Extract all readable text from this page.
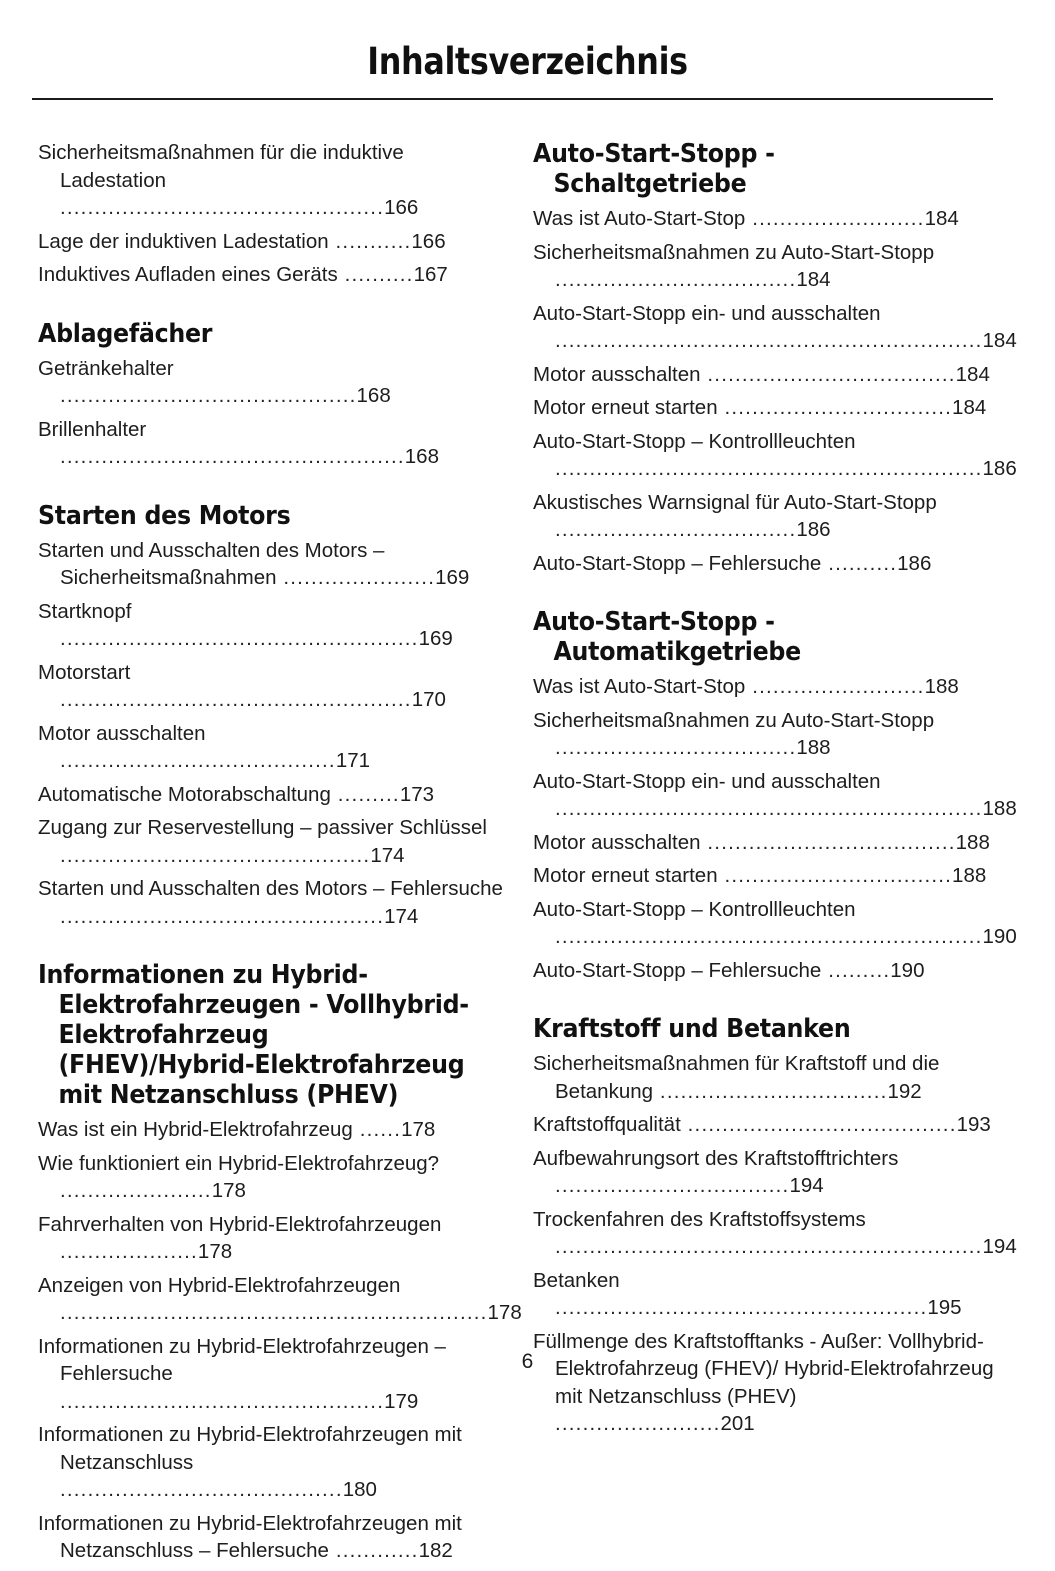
Inhaltsverzeichnis
Sicherheitsmaßnahmen für die induktive Ladestation ...............................................166
Lage der induktiven Ladestation ...........166
Induktives Aufladen eines Geräts ..........167
Ablagefächer
Getränkehalter ...........................................168
Brillenhalter ..................................................168
Starten des Motors
Starten und Ausschalten des Motors – Sicherheitsmaßnahmen ......................169
Startknopf ....................................................169
Motorstart ...................................................170
Motor ausschalten ........................................171
Automatische Motorabschaltung .........173
Zugang zur Reservestellung – passiver Schlüssel .............................................174
Starten und Ausschalten des Motors – Fehlersuche ...............................................174
Informationen zu Hybrid-Elektrofahrzeugen - Vollhybrid-Elektrofahrzeug (FHEV)/Hybrid-Elektrofahrzeug mit Netzanschluss (PHEV)
Was ist ein Hybrid-Elektrofahrzeug ......178
Wie funktioniert ein Hybrid-Elektrofahrzeug? ......................178
Fahrverhalten von Hybrid-Elektrofahrzeugen ....................178
Anzeigen von Hybrid-Elektrofahrzeugen ..............................................................178
Informationen zu Hybrid-Elektrofahrzeugen – Fehlersuche ...............................................179
Informationen zu Hybrid-Elektrofahrzeugen mit Netzanschluss .........................................180
Informationen zu Hybrid-Elektrofahrzeugen mit Netzanschluss – Fehlersuche ............182
Auto-Start-Stopp - Schaltgetriebe
Was ist Auto-Start-Stop .........................184
Sicherheitsmaßnahmen zu Auto-Start-Stopp ...................................184
Auto-Start-Stopp ein- und ausschalten ..............................................................184
Motor ausschalten ....................................184
Motor erneut starten .................................184
Auto-Start-Stopp – Kontrollleuchten ..............................................................186
Akustisches Warnsignal für Auto-Start-Stopp ...................................186
Auto-Start-Stopp – Fehlersuche ..........186
Auto-Start-Stopp - Automatikgetriebe
Was ist Auto-Start-Stop .........................188
Sicherheitsmaßnahmen zu Auto-Start-Stopp ...................................188
Auto-Start-Stopp ein- und ausschalten ..............................................................188
Motor ausschalten ....................................188
Motor erneut starten .................................188
Auto-Start-Stopp – Kontrollleuchten ..............................................................190
Auto-Start-Stopp – Fehlersuche .........190
Kraftstoff und Betanken
Sicherheitsmaßnahmen für Kraftstoff und die Betankung .................................192
Kraftstoffqualität .......................................193
Aufbewahrungsort des Kraftstofftrichters ..................................194
Trockenfahren des Kraftstoffsystems ..............................................................194
Betanken ......................................................195
Füllmenge des Kraftstofftanks - Außer: Vollhybrid-Elektrofahrzeug (FHEV)/ Hybrid-Elektrofahrzeug mit Netzanschluss (PHEV) ........................201
6
